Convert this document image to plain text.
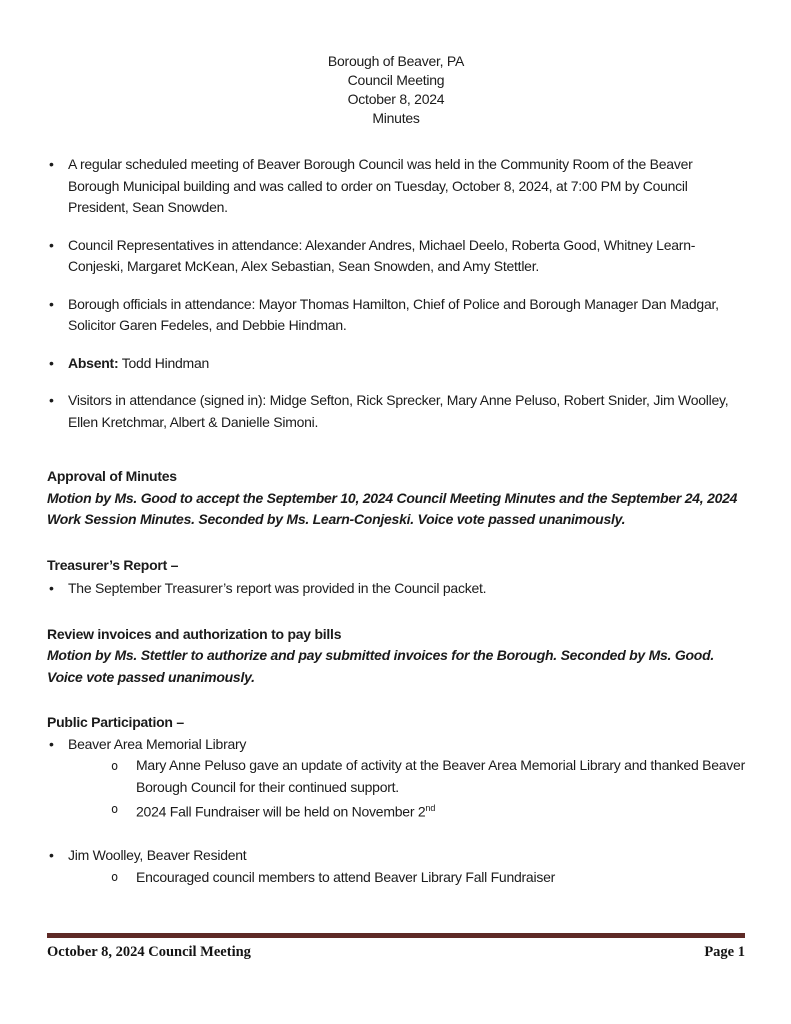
Borough of Beaver, PA
Council Meeting
October 8, 2024
Minutes
• A regular scheduled meeting of Beaver Borough Council was held in the Community Room of the Beaver Borough Municipal building and was called to order on Tuesday, October 8, 2024, at 7:00 PM by Council President, Sean Snowden.
• Council Representatives in attendance: Alexander Andres, Michael Deelo, Roberta Good, Whitney Learn-Conjeski, Margaret McKean, Alex Sebastian, Sean Snowden, and Amy Stettler.
• Borough officials in attendance: Mayor Thomas Hamilton, Chief of Police and Borough Manager Dan Madgar, Solicitor Garen Fedeles, and Debbie Hindman.
• Absent: Todd Hindman
• Visitors in attendance (signed in): Midge Sefton, Rick Sprecker, Mary Anne Peluso, Robert Snider, Jim Woolley, Ellen Kretchmar, Albert & Danielle Simoni.

Approval of Minutes

Motion by Ms. Good to accept the September 10, 2024 Council Meeting Minutes and the September 24, 2024 Work Session Minutes. Seconded by Ms. Learn-Conjeski. Voice vote passed unanimously.

Treasurer’s Report –

• The September Treasurer’s report was provided in the Council packet.

Review invoices and authorization to pay bills

Motion by Ms. Stettler to authorize and pay submitted invoices for the Borough. Seconded by Ms. Good. Voice vote passed unanimously.

Public Participation –

• Beaver Area Memorial Library
o Mary Anne Peluso gave an update of activity at the Beaver Area Memorial Library and thanked Beaver Borough Council for their continued support.
o 2024 Fall Fundraiser will be held on November 2nd
• Jim Woolley, Beaver Resident
o Encouraged council members to attend Beaver Library Fall Fundraiser
October 8, 2024 Council Meeting	Page 1
